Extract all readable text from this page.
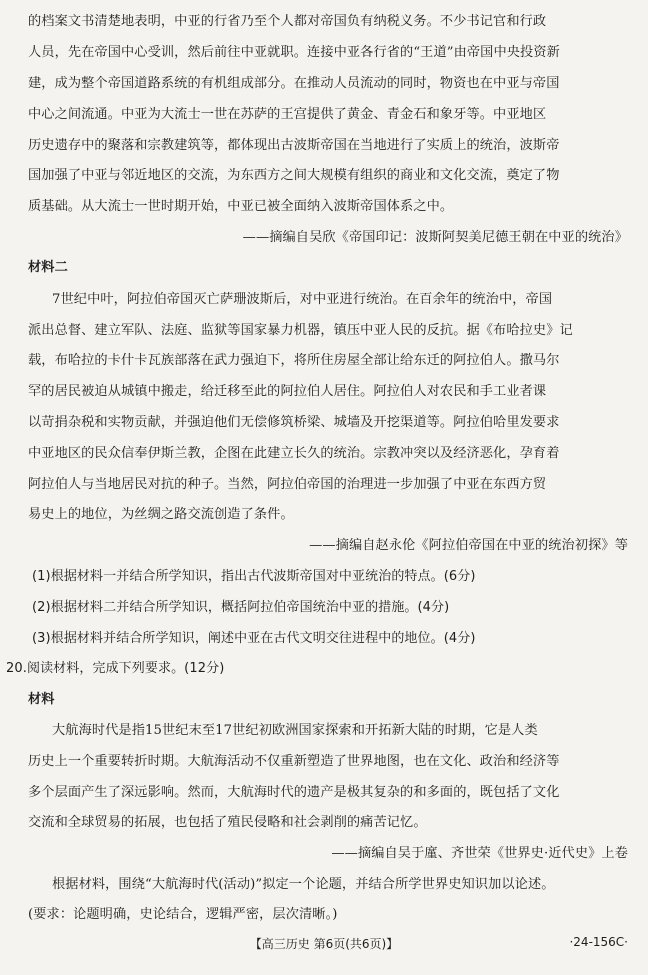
的档案文书清楚地表明，中亚的行省乃至个人都对帝国负有纳税义务。不少书记官和行政
人员，先在帝国中心受训，然后前往中亚就职。连接中亚各行省的“王道”由帝国中央投资新
建，成为整个帝国道路系统的有机组成部分。在推动人员流动的同时，物资也在中亚与帝国
中心之间流通。中亚为大流士一世在苏萨的王宫提供了黄金、青金石和象牙等。中亚地区
历史遗存中的聚落和宗教建筑等，都体现出古波斯帝国在当地进行了实质上的统治，波斯帝
国加强了中亚与邻近地区的交流，为东西方之间大规模有组织的商业和文化交流，奠定了物
质基础。从大流士一世时期开始，中亚已被全面纳入波斯帝国体系之中。
——摘编自吴欣《帝国印记：波斯阿契美尼德王朝在中亚的统治》
材料二
7世纪中叶，阿拉伯帝国灭亡萨珊波斯后，对中亚进行统治。在百余年的统治中，帝国
派出总督、建立军队、法庭、监狱等国家暴力机器，镇压中亚人民的反抗。据《布哈拉史》记
载，布哈拉的卡什卡瓦族部落在武力强迫下，将所住房屋全部让给东迁的阿拉伯人。撒马尔
罕的居民被迫从城镇中搬走，给迁移至此的阿拉伯人居住。阿拉伯人对农民和手工业者课
以苛捐杂税和实物贡献，并强迫他们无偿修筑桥梁、城墙及开挖渠道等。阿拉伯哈里发要求
中亚地区的民众信奉伊斯兰教，企图在此建立长久的统治。宗教冲突以及经济恶化，孕育着
阿拉伯人与当地居民对抗的种子。当然，阿拉伯帝国的治理进一步加强了中亚在东西方贸
易史上的地位，为丝绸之路交流创造了条件。
——摘编自赵永伦《阿拉伯帝国在中亚的统治初探》等
(1)根据材料一并结合所学知识，指出古代波斯帝国对中亚统治的特点。(6分)
(2)根据材料二并结合所学知识，概括阿拉伯帝国统治中亚的措施。(4分)
(3)根据材料并结合所学知识，阐述中亚在古代文明交往进程中的地位。(4分)
20.阅读材料，完成下列要求。(12分)
材料
大航海时代是指15世纪末至17世纪初欧洲国家探索和开拓新大陆的时期，它是人类
历史上一个重要转折时期。大航海活动不仅重新塑造了世界地图，也在文化、政治和经济等
多个层面产生了深远影响。然而，大航海时代的遗产是极其复杂的和多面的，既包括了文化
交流和全球贸易的拓展，也包括了殖民侵略和社会剥削的痛苦记忆。
——摘编自吴于廑、齐世荣《世界史·近代史》上卷
根据材料，围绕“大航海时代(活动)”拟定一个论题，并结合所学世界史知识加以论述。
(要求：论题明确，史论结合，逻辑严密，层次清晰。)
【高三历史 第6页(共6页)】	·24-156C·
